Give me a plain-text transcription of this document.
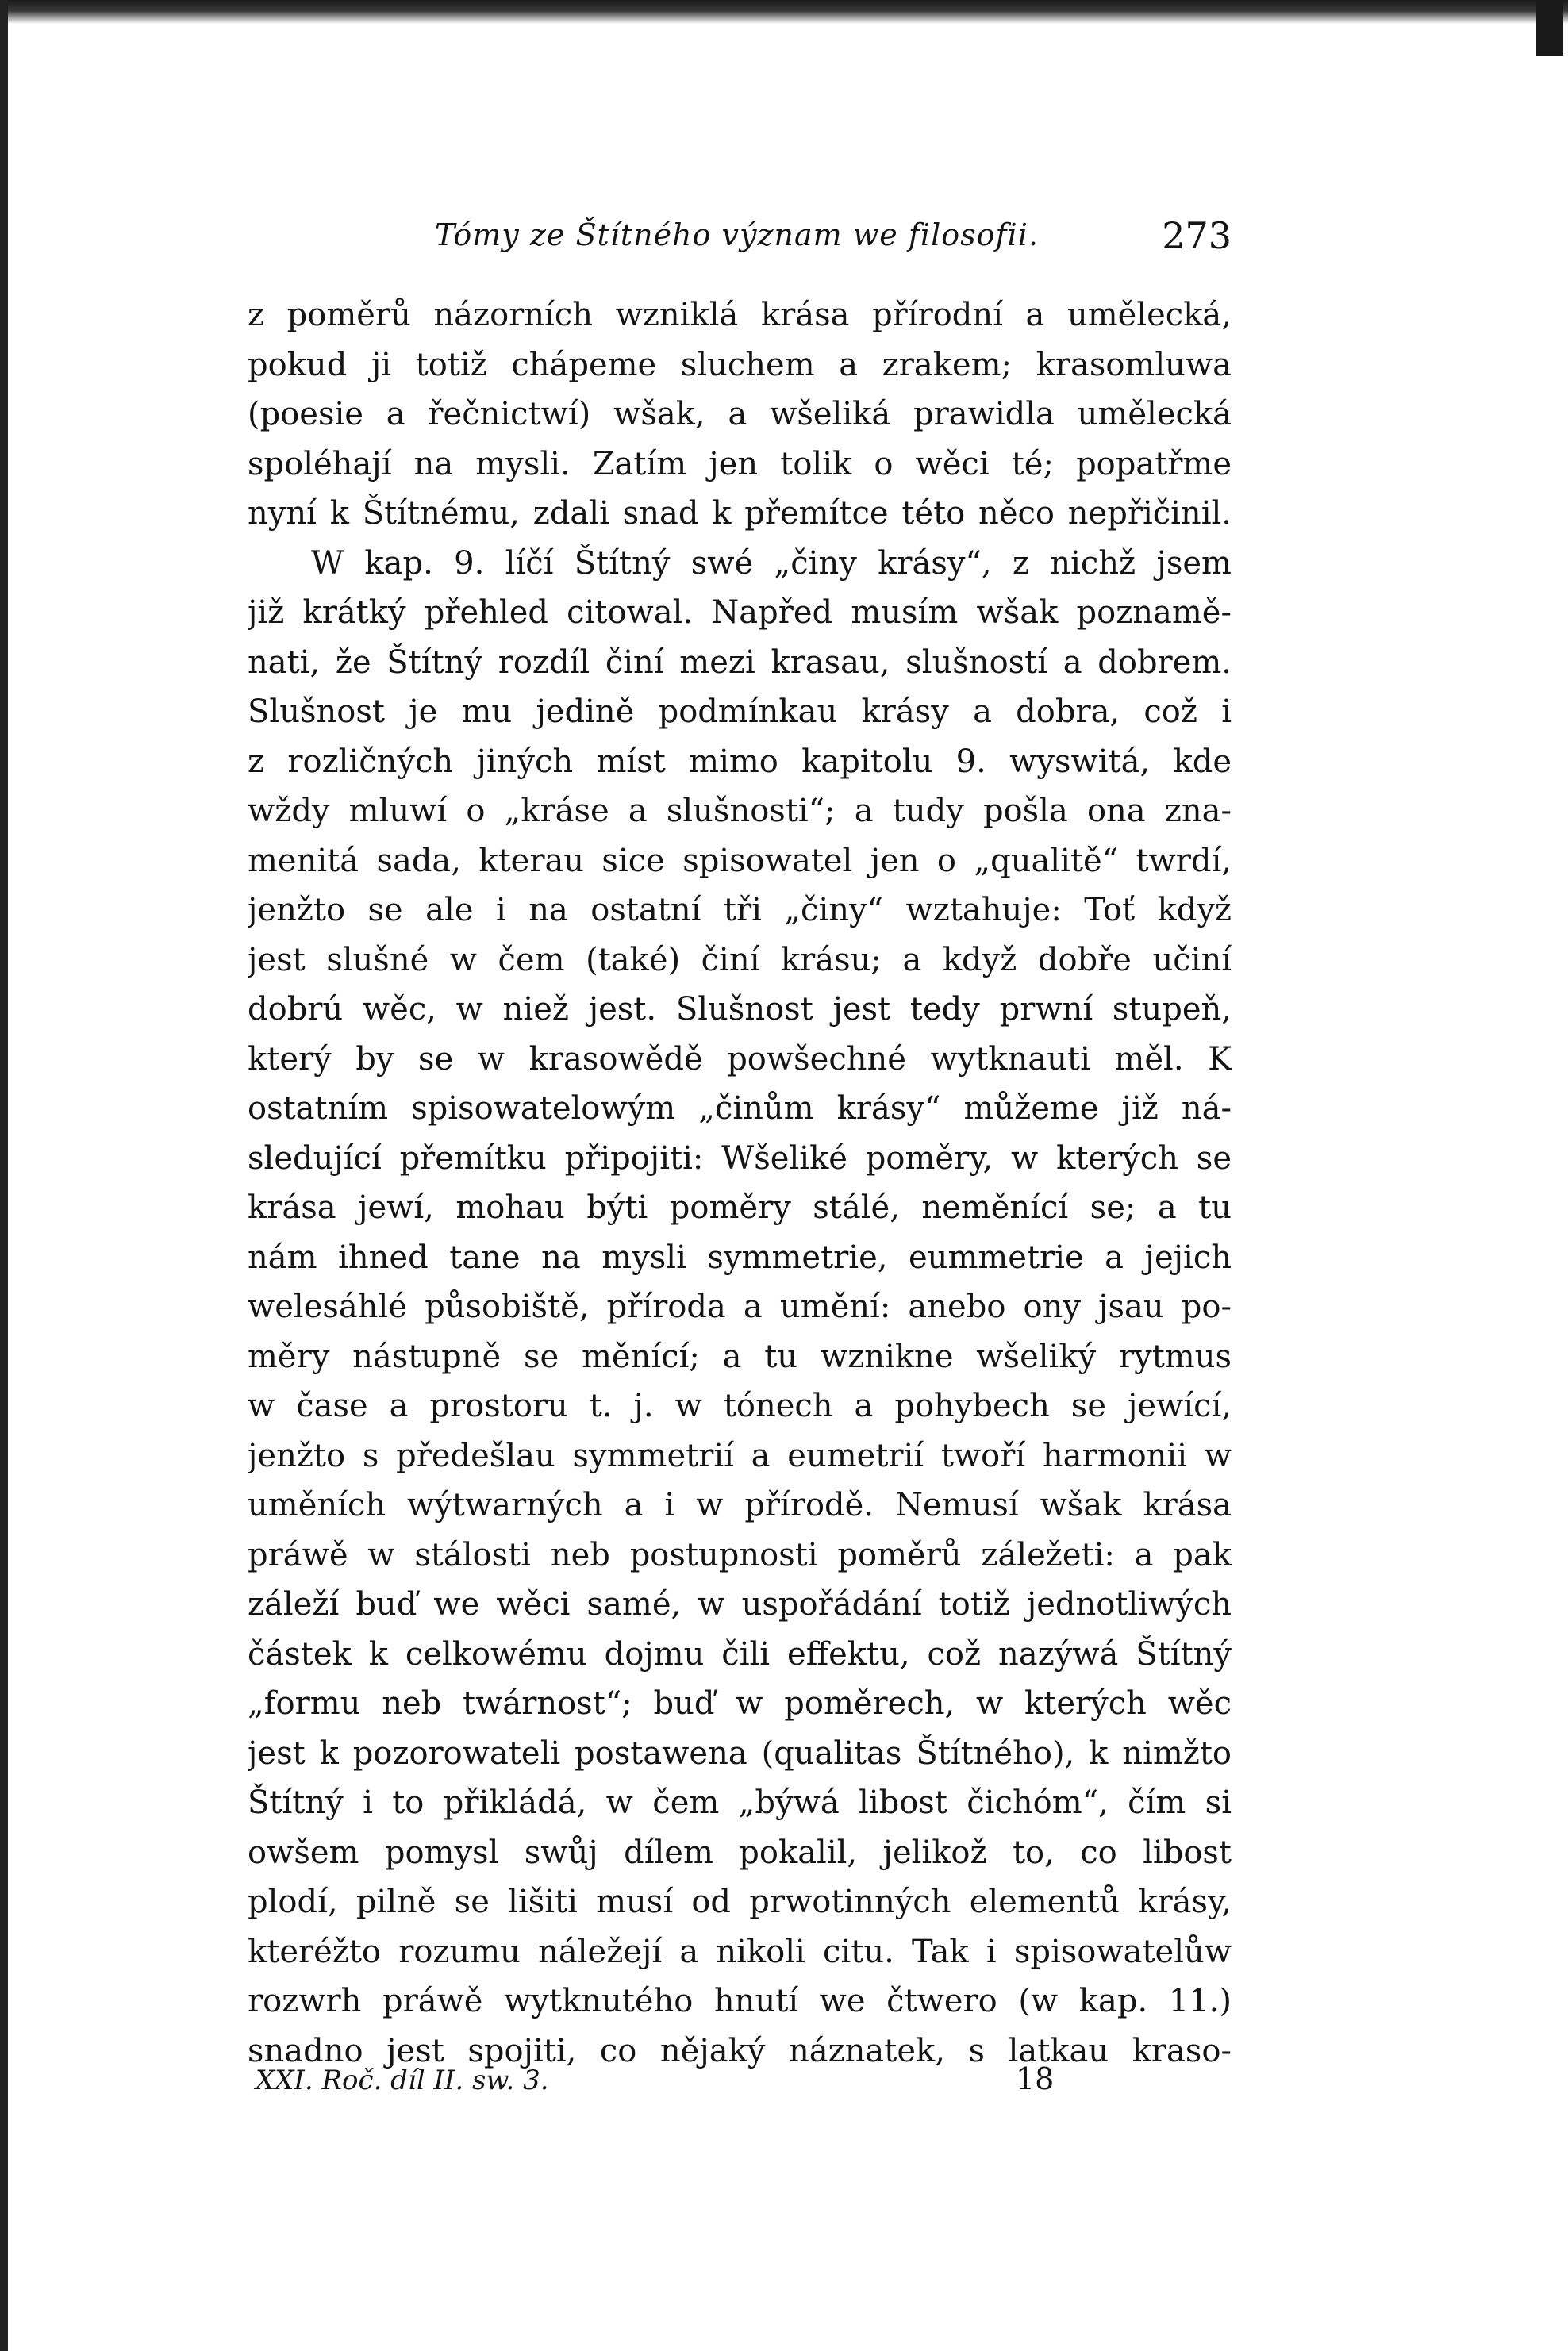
Tómy ze Štítného význam we filosofii.	273
z poměrů názorních wzniklá krása přírodní a umělecká,
pokud ji totiž chápeme sluchem a zrakem; krasomluwa
(poesie a řečnictwí) wšak, a wšeliká prawidla umělecká
spoléhají na mysli. Zatím jen tolik o wěci té; popatřme
nyní k Štítnému, zdali snad k přemítce této něco nepřičinil.
W kap. 9. líčí Štítný swé „činy krásy“, z nichž jsem
již krátký přehled citowal. Napřed musím wšak poznamě-
nati, že Štítný rozdíl činí mezi krasau, slušností a dobrem.
Slušnost je mu jedině podmínkau krásy a dobra, což i
z rozličných jiných míst mimo kapitolu 9. wyswitá, kde
wždy mluwí o „kráse a slušnosti“; a tudy pošla ona zna-
menitá sada, kterau sice spisowatel jen o „qualitě“ twrdí,
jenžto se ale i na ostatní tři „činy“ wztahuje: Toť když
jest slušné w čem (také) činí krásu; a když dobře učiní
dobrú wěc, w niež jest. Slušnost jest tedy prwní stupeň,
který by se w krasowědě powšechné wytknauti měl. K
ostatním spisowatelowým „činům krásy“ můžeme již ná-
sledující přemítku připojiti: Wšeliké poměry, w kterých se
krása jewí, mohau býti poměry stálé, neměnící se; a tu
nám ihned tane na mysli symmetrie, eummetrie a jejich
welesáhlé působiště, příroda a umění: anebo ony jsau po-
měry nástupně se měnící; a tu wznikne wšeliký rytmus
w čase a prostoru t. j. w tónech a pohybech se jewící,
jenžto s předešlau symmetrií a eumetrií twoří harmonii w
uměních wýtwarných a i w přírodě. Nemusí wšak krása
práwě w stálosti neb postupnosti poměrů záležeti: a pak
záleží buď we wěci samé, w uspořádání totiž jednotliwých
částek k celkowému dojmu čili effektu, což nazýwá Štítný
„formu neb twárnost“; buď w poměrech, w kterých wěc
jest k pozorowateli postawena (qualitas Štítného), k nimžto
Štítný i to přikládá, w čem „býwá libost čichóm“, čím si
owšem pomysl swůj dílem pokalil, jelikož to, co libost
plodí, pilně se lišiti musí od prwotinných elementů krásy,
kteréžto rozumu náležejí a nikoli citu. Tak i spisowatelůw
rozwrh práwě wytknutého hnutí we čtwero (w kap. 11.)
snadno jest spojiti, co nějaký náznatek, s latkau kraso-
XXI. Roč. díl II. sw. 3.	18
